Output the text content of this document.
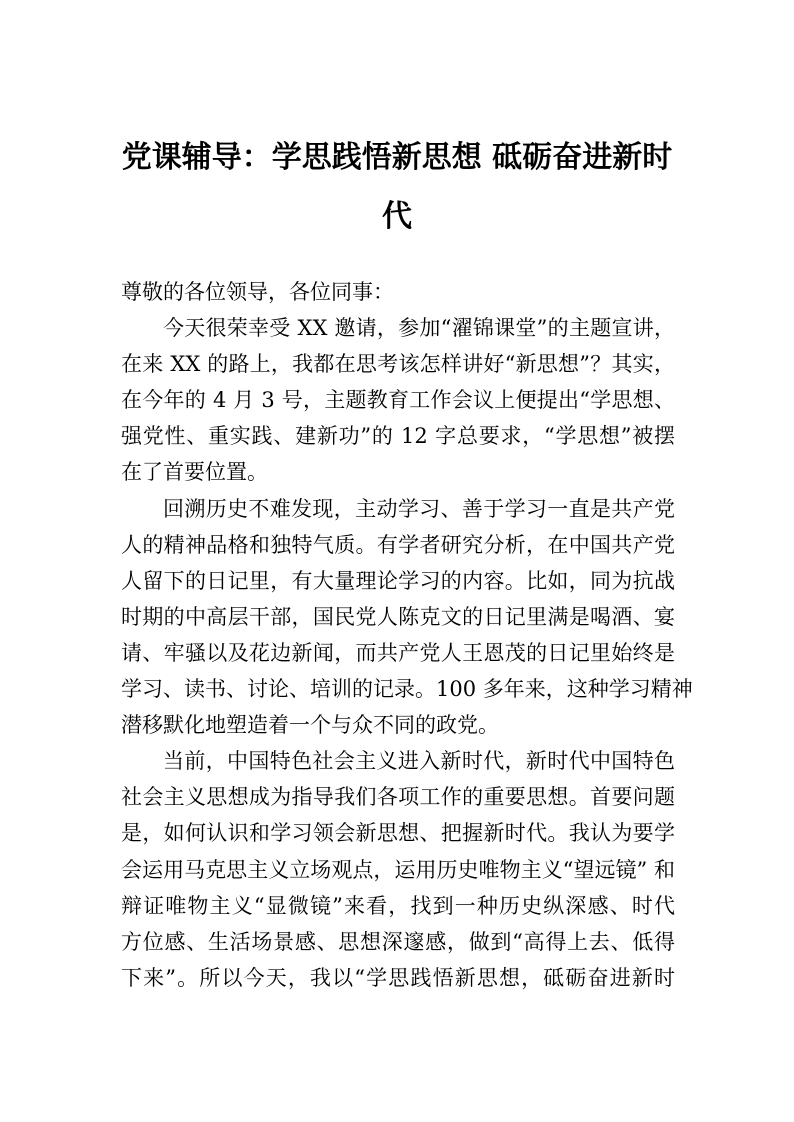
党课辅导：学思践悟新思想 砥砺奋进新时
代
尊敬的各位领导，各位同事：
今天很荣幸受 XX 邀请，参加“濯锦课堂”的主题宣讲，
在来 XX 的路上，我都在思考该怎样讲好“新思想”？其实，
在今年的 4 月 3 号，主题教育工作会议上便提出“学思想、
强党性、重实践、建新功”的 12 字总要求，“学思想”被摆
在了首要位置。
回溯历史不难发现，主动学习、善于学习一直是共产党
人的精神品格和独特气质。有学者研究分析，在中国共产党
人留下的日记里，有大量理论学习的内容。比如，同为抗战
时期的中高层干部，国民党人陈克文的日记里满是喝酒、宴
请、牢骚以及花边新闻，而共产党人王恩茂的日记里始终是
学习、读书、讨论、培训的记录。100 多年来，这种学习精神
潜移默化地塑造着一个与众不同的政党。
当前，中国特色社会主义进入新时代，新时代中国特色
社会主义思想成为指导我们各项工作的重要思想。首要问题
是，如何认识和学习领会新思想、把握新时代。我认为要学
会运用马克思主义立场观点，运用历史唯物主义“望远镜” 和
辩证唯物主义“显微镜”来看，找到一种历史纵深感、时代
方位感、生活场景感、思想深邃感，做到“高得上去、低得
下来”。所以今天，我以“学思践悟新思想，砥砺奋进新时
